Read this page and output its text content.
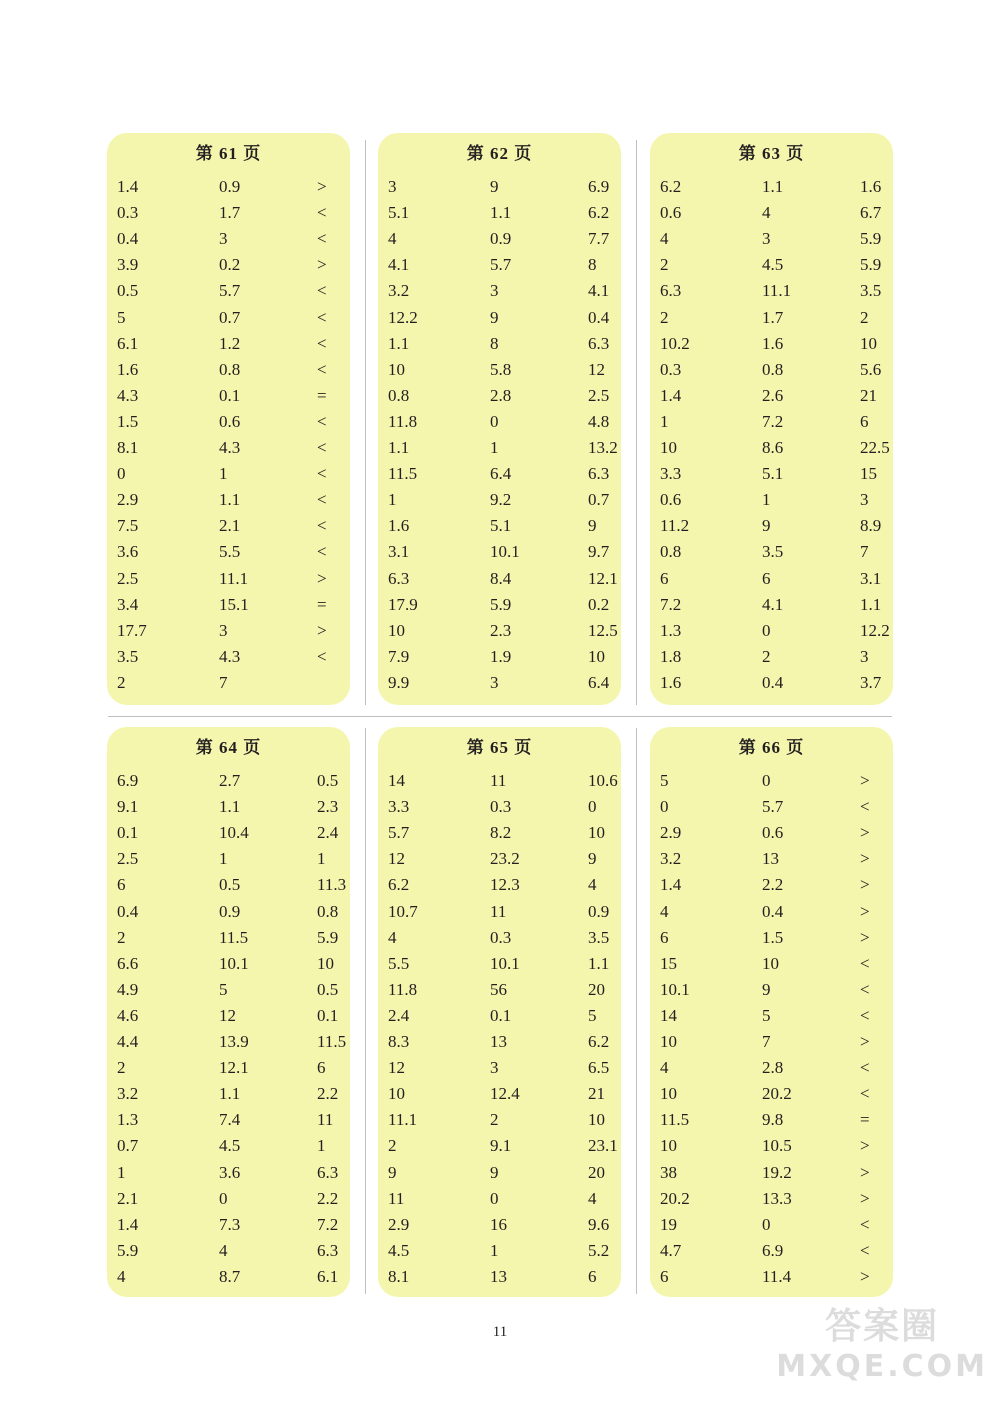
第 61 页
1.4	0.9	>
0.3	1.7	<
0.4	3	<
3.9	0.2	>
0.5	5.7	<
5	0.7	<
6.1	1.2	<
1.6	0.8	<
4.3	0.1	=
1.5	0.6	<
8.1	4.3	<
0	1	<
2.9	1.1	<
7.5	2.1	<
3.6	5.5	<
2.5	11.1	>
3.4	15.1	=
17.7	3	>
3.5	4.3	<
2	7
第 62 页
3	9	6.9
5.1	1.1	6.2
4	0.9	7.7
4.1	5.7	8
3.2	3	4.1
12.2	9	0.4
1.1	8	6.3
10	5.8	12
0.8	2.8	2.5
11.8	0	4.8
1.1	1	13.2
11.5	6.4	6.3
1	9.2	0.7
1.6	5.1	9
3.1	10.1	9.7
6.3	8.4	12.1
17.9	5.9	0.2
10	2.3	12.5
7.9	1.9	10
9.9	3	6.4
第 63 页
6.2	1.1	1.6
0.6	4	6.7
4	3	5.9
2	4.5	5.9
6.3	11.1	3.5
2	1.7	2
10.2	1.6	10
0.3	0.8	5.6
1.4	2.6	21
1	7.2	6
10	8.6	22.5
3.3	5.1	15
0.6	1	3
11.2	9	8.9
0.8	3.5	7
6	6	3.1
7.2	4.1	1.1
1.3	0	12.2
1.8	2	3
1.6	0.4	3.7
第 64 页
6.9	2.7	0.5
9.1	1.1	2.3
0.1	10.4	2.4
2.5	1	1
6	0.5	11.3
0.4	0.9	0.8
2	11.5	5.9
6.6	10.1	10
4.9	5	0.5
4.6	12	0.1
4.4	13.9	11.5
2	12.1	6
3.2	1.1	2.2
1.3	7.4	11
0.7	4.5	1
1	3.6	6.3
2.1	0	2.2
1.4	7.3	7.2
5.9	4	6.3
4	8.7	6.1
第 65 页
14	11	10.6
3.3	0.3	0
5.7	8.2	10
12	23.2	9
6.2	12.3	4
10.7	11	0.9
4	0.3	3.5
5.5	10.1	1.1
11.8	56	20
2.4	0.1	5
8.3	13	6.2
12	3	6.5
10	12.4	21
11.1	2	10
2	9.1	23.1
9	9	20
11	0	4
2.9	16	9.6
4.5	1	5.2
8.1	13	6
第 66 页
5	0	>
0	5.7	<
2.9	0.6	>
3.2	13	>
1.4	2.2	>
4	0.4	>
6	1.5	>
15	10	<
10.1	9	<
14	5	<
10	7	>
4	2.8	<
10	20.2	<
11.5	9.8	=
10	10.5	>
38	19.2	>
20.2	13.3	>
19	0	<
4.7	6.9	<
6	11.4	>
11	答案圈
MXQE.COM
